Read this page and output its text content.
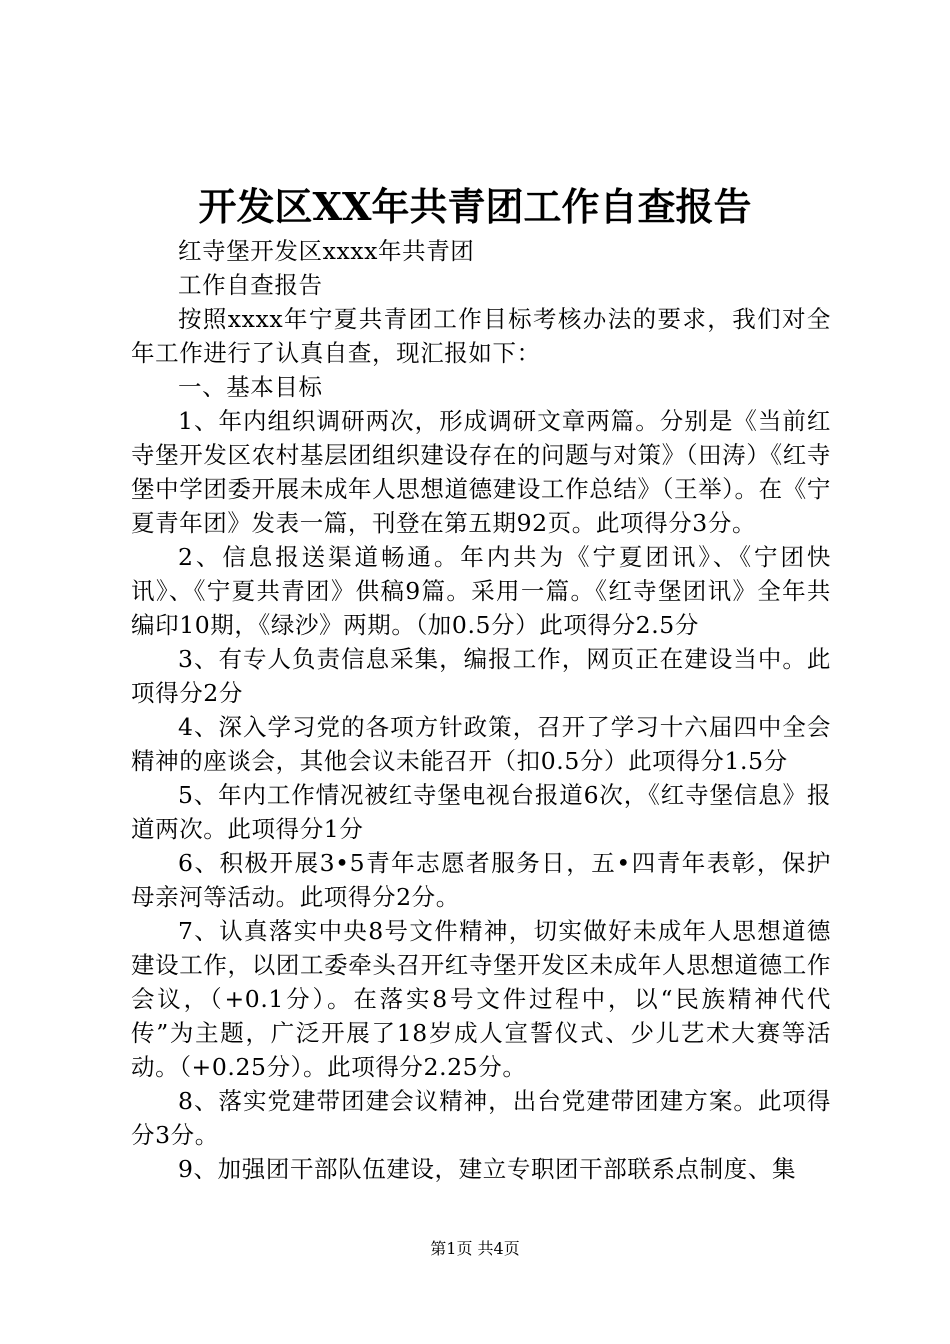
开发区XX年共青团工作自查报告

红寺堡开发区xxxx年共青团

工作自查报告

按照xxxx年宁夏共青团工作目标考核办法的要求，我们对全年工作进行了认真自查，现汇报如下：

一、基本目标

1、年内组织调研两次，形成调研文章两篇。分别是《当前红寺堡开发区农村基层团组织建设存在的问题与对策》（田涛）《红寺堡中学团委开展未成年人思想道德建设工作总结》（王举）。在《宁夏青年团》发表一篇，刊登在第五期92页。此项得分3分。

2、信息报送渠道畅通。年内共为《宁夏团讯》、《宁团快讯》、《宁夏共青团》供稿9篇。采用一篇。《红寺堡团讯》全年共编印10期，《绿沙》两期。（加0.5分）此项得分2.5分

3、有专人负责信息采集，编报工作，网页正在建设当中。此项得分2分

4、深入学习党的各项方针政策，召开了学习十六届四中全会精神的座谈会，其他会议未能召开（扣0.5分）此项得分1.5分

5、年内工作情况被红寺堡电视台报道6次，《红寺堡信息》报道两次。此项得分1分

6、积极开展3•5青年志愿者服务日，五•四青年表彰，保护母亲河等活动。此项得分2分。

7、认真落实中央8号文件精神，切实做好未成年人思想道德建设工作，以团工委牵头召开红寺堡开发区未成年人思想道德工作会议，（+0.1分）。在落实8号文件过程中，以“民族精神代代传”为主题，广泛开展了18岁成人宣誓仪式、少儿艺术大赛等活动。（+0.25分）。此项得分2.25分。

8、落实党建带团建会议精神，出台党建带团建方案。此项得分3分。

9、加强团干部队伍建设，建立专职团干部联系点制度、集

第1页 共4页
